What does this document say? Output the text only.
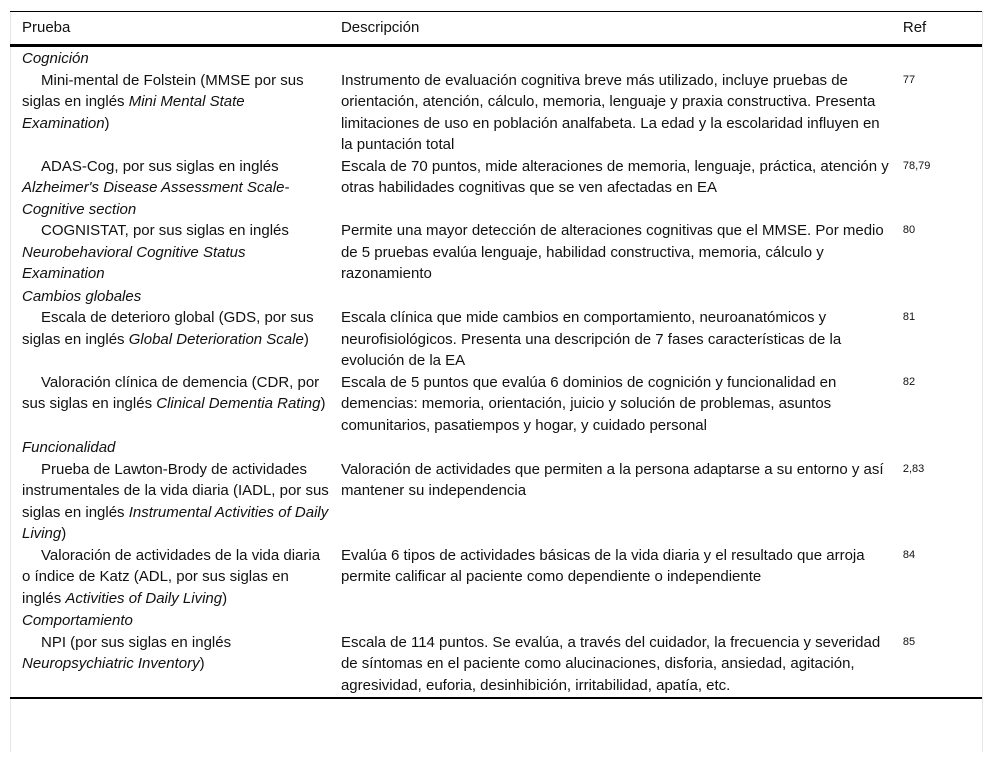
Prueba	Descripción	Ref
Cognición		
Mini-mental de Folstein (MMSE por sus siglas en inglés Mini Mental State Examination)	Instrumento de evaluación cognitiva breve más utilizado, incluye pruebas de orientación, atención, cálculo, memoria, lenguaje y praxia constructiva. Presenta limitaciones de uso en población analfabeta. La edad y la escolaridad influyen en la puntación total	77
ADAS-Cog, por sus siglas en inglés Alzheimer's Disease Assessment Scale-Cognitive section	Escala de 70 puntos, mide alteraciones de memoria, lenguaje, práctica, atención y otras habilidades cognitivas que se ven afectadas en EA	78,79
COGNISTAT, por sus siglas en inglés Neurobehavioral Cognitive Status Examination	Permite una mayor detección de alteraciones cognitivas que el MMSE. Por medio de 5 pruebas evalúa lenguaje, habilidad constructiva, memoria, cálculo y razonamiento	80
Cambios globales		
Escala de deterioro global (GDS, por sus siglas en inglés Global Deterioration Scale)	Escala clínica que mide cambios en comportamiento, neuroanatómicos y neurofisiológicos. Presenta una descripción de 7 fases características de la evolución de la EA	81
Valoración clínica de demencia (CDR, por sus siglas en inglés Clinical Dementia Rating)	Escala de 5 puntos que evalúa 6 dominios de cognición y funcionalidad en demencias: memoria, orientación, juicio y solución de problemas, asuntos comunitarios, pasatiempos y hogar, y cuidado personal	82
Funcionalidad		
Prueba de Lawton-Brody de actividades instrumentales de la vida diaria (IADL, por sus siglas en inglés Instrumental Activities of Daily Living)	Valoración de actividades que permiten a la persona adaptarse a su entorno y así mantener su independencia	2,83
Valoración de actividades de la vida diaria o índice de Katz (ADL, por sus siglas en inglés Activities of Daily Living)	Evalúa 6 tipos de actividades básicas de la vida diaria y el resultado que arroja permite calificar al paciente como dependiente o independiente	84
Comportamiento		
NPI (por sus siglas en inglés Neuropsychiatric Inventory)	Escala de 114 puntos. Se evalúa, a través del cuidador, la frecuencia y severidad de síntomas en el paciente como alucinaciones, disforia, ansiedad, agitación, agresividad, euforia, desinhibición, irritabilidad, apatía, etc.	85
